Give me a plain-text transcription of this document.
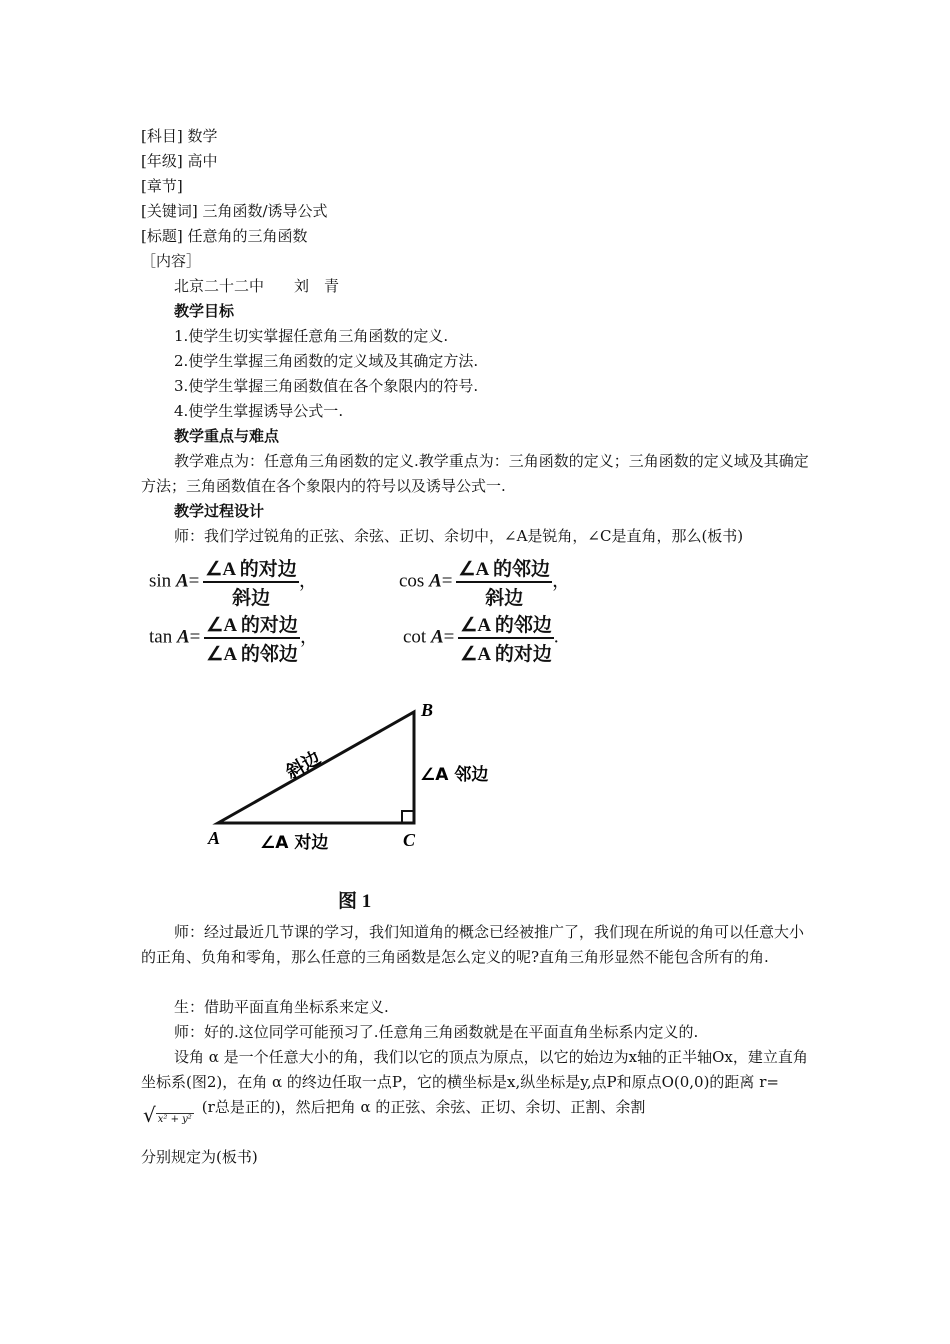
[科目] 数学
[年级] 高中
[章节]
[关键词] 三角函数/诱导公式
[标题] 任意角的三角函数
［内容］
北京二十二中　　刘　青
教学目标
1.使学生切实掌握任意角三角函数的定义.
2.使学生掌握三角函数的定义域及其确定方法.
3.使学生掌握三角函数值在各个象限内的符号.
4.使学生掌握诱导公式一.
教学重点与难点
教学难点为：任意角三角函数的定义.教学重点为：三角函数的定义；三角函数的定义域及其确定方法；三角函数值在各个象限内的符号以及诱导公式一.
教学过程设计
师：我们学过锐角的正弦、余弦、正切、余切中，∠A是锐角，∠C是直角，那么(板书)
$\sin A= \frac{\text{∠A 的对边}}{\text{斜边}}$ ，	$\cos A= \frac{\text{∠A 的邻边}}{\text{斜边}}$ ，
$\tan A= \frac{\text{∠A 的对边}}{\text{∠A 的邻边}}$ ，	$\cot A= \frac{\text{∠A 的邻边}}{\text{∠A 的对边}}$ .
A
B
C
斜边	∠A 邻边
∠A 对边
图 1
师：经过最近几节课的学习，我们知道角的概念已经被推广了，我们现在所说的角可以任意大小的正角、负角和零角，那么任意的三角函数是怎么定义的呢?直角三角形显然不能包含所有的角.
生：借助平面直角坐标系来定义.
师：好的.这位同学可能预习了.任意角三角函数就是在平面直角坐标系内定义的.
设角 α 是一个任意大小的角，我们以它的顶点为原点，以它的始边为x轴的正半轴Ox，建立直角坐标系(图2)，在角 α 的终边任取一点P，它的横坐标是x,纵坐标是y,点P和原点O(0,0)的距离 r=√ x² + y²(r总是正的)，然后把角 α 的正弦、余弦、正切、余切、正割、余割
分别规定为(板书)
